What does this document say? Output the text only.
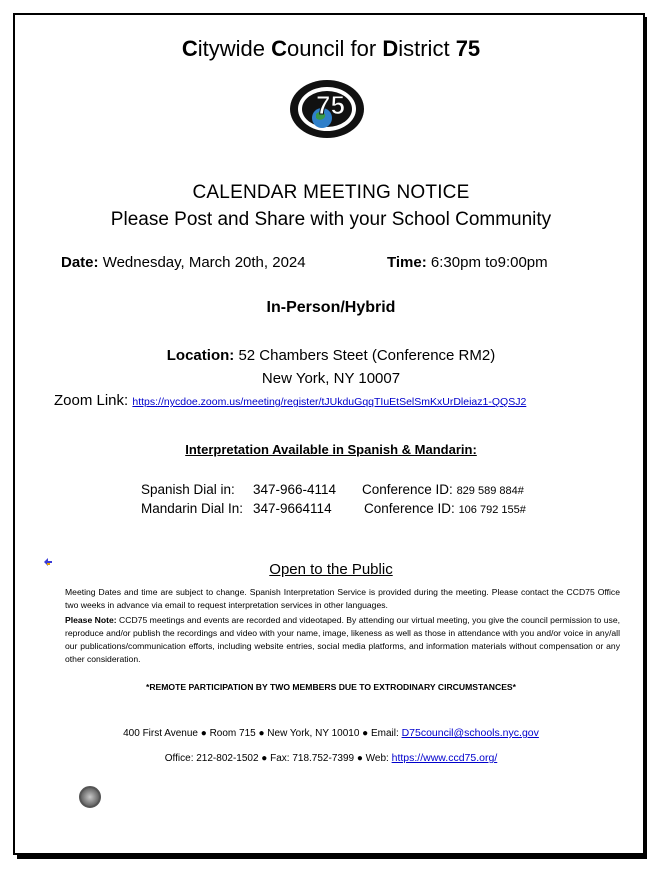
Citywide Council for District 75
75
CALENDAR MEETING NOTICE
Please Post and Share with your School Community
Date: Wednesday, March 20th, 2024	Time: 6:30pm to9:00pm
In-Person/Hybrid
Location: 52 Chambers Steet (Conference RM2)
New York, NY 10007
Zoom Link: https://nycdoe.zoom.us/meeting/register/tJUkduGqqTIuEtSelSmKxUrDleiaz1-QQSJ2
Interpretation Available in Spanish & Mandarin:
Spanish Dial in: 347-966-4114 Conference ID: 829 589 884#
Mandarin Dial In: 347-9664114 Conference ID: 106 792 155#
Open to the Public
Meeting Dates and time are subject to change. Spanish Interpretation Service is provided during the meeting. Please contact the CCD75 Office two weeks in advance via email to request interpretation services in other languages.
Please Note: CCD75 meetings and events are recorded and videotaped. By attending our virtual meeting, you give the council permission to use, reproduce and/or publish the recordings and video with your name, image, likeness as well as those in attendance with you and/or voice in any/all our publications/communication efforts, including website entries, social media platforms, and information materials without compensation or any other consideration.
*REMOTE PARTICIPATION BY TWO MEMBERS DUE TO EXTRODINARY CIRCUMSTANCES*
400 First Avenue ● Room 715 ● New York, NY 10010 ● Email: D75council@schools.nyc.gov
Office: 212-802-1502 ● Fax: 718.752-7399 ● Web: https://www.ccd75.org/
